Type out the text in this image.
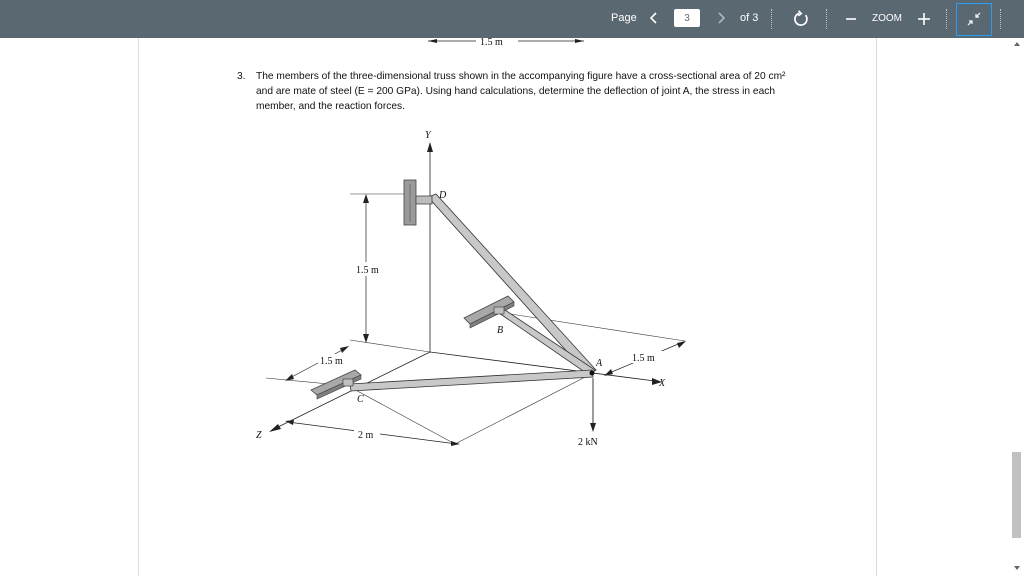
Page
3	of 3	ZOOM
3. The members of the three-dimensional truss shown in the accompanying figure have a cross-sectional area of 20 cm² and are mate of steel (E = 200 GPa). Using hand calculations, determine the deflection of joint A, the stress in each member, and the reaction forces.
1.5 m
Y
X
Z
D
B
C
A
1.5 m
1.5 m	1.5 m
2 m
2 kN
